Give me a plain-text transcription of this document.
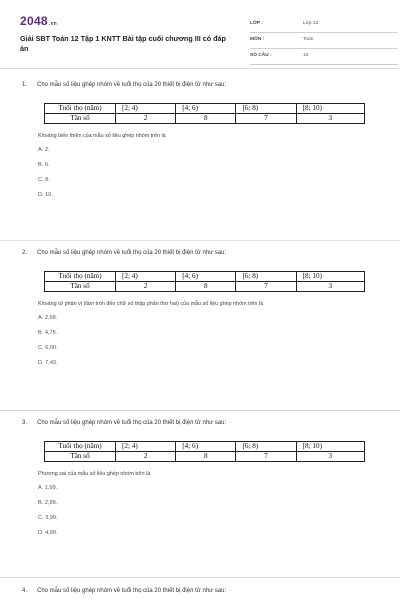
2048.vn
Giải SBT Toán 12 Tập 1 KNTT Bài tập cuối chương III có đáp án
LỚP :	Lớp 12
MÔN :	Toán
SỐ CÂU :	13
1. Cho mẫu số liệu ghép nhóm về tuổi thọ của 20 thiết bị điện tử như sau:
Tuổi thọ (năm)	[2; 4)	[4; 6)	[6; 8)	[8; 10)
Tần số	2	8	7	3
Khoảng biến thiên của mẫu số liệu ghép nhóm trên là
A. 2.
B. 6.
C. 8.
D. 10.
2. Cho mẫu số liệu ghép nhóm về tuổi thọ của 20 thiết bị điện tử như sau:
Tuổi thọ (năm)	[2; 4)	[4; 6)	[6; 8)	[8; 10)
Tần số	2	8	7	3
Khoảng tứ phân vị (làm tròn đến chữ số thập phân thứ hai) của mẫu số liệu ghép nhóm trên là
A. 2,68.
B. 4,75.
C. 6,00.
D. 7,43.
3. Cho mẫu số liệu ghép nhóm về tuổi thọ của 20 thiết bị điện tử như sau:
Tuổi thọ (năm)	[2; 4)	[4; 6)	[6; 8)	[8; 10)
Tần số	2	8	7	3
Phương sai của mẫu số liệu ghép nhóm trên là
A. 1,99.
B. 2,99.
C. 3,99.
D. 4,99.
4. Cho mẫu số liệu ghép nhóm về tuổi thọ của 20 thiết bị điện tử như sau:
